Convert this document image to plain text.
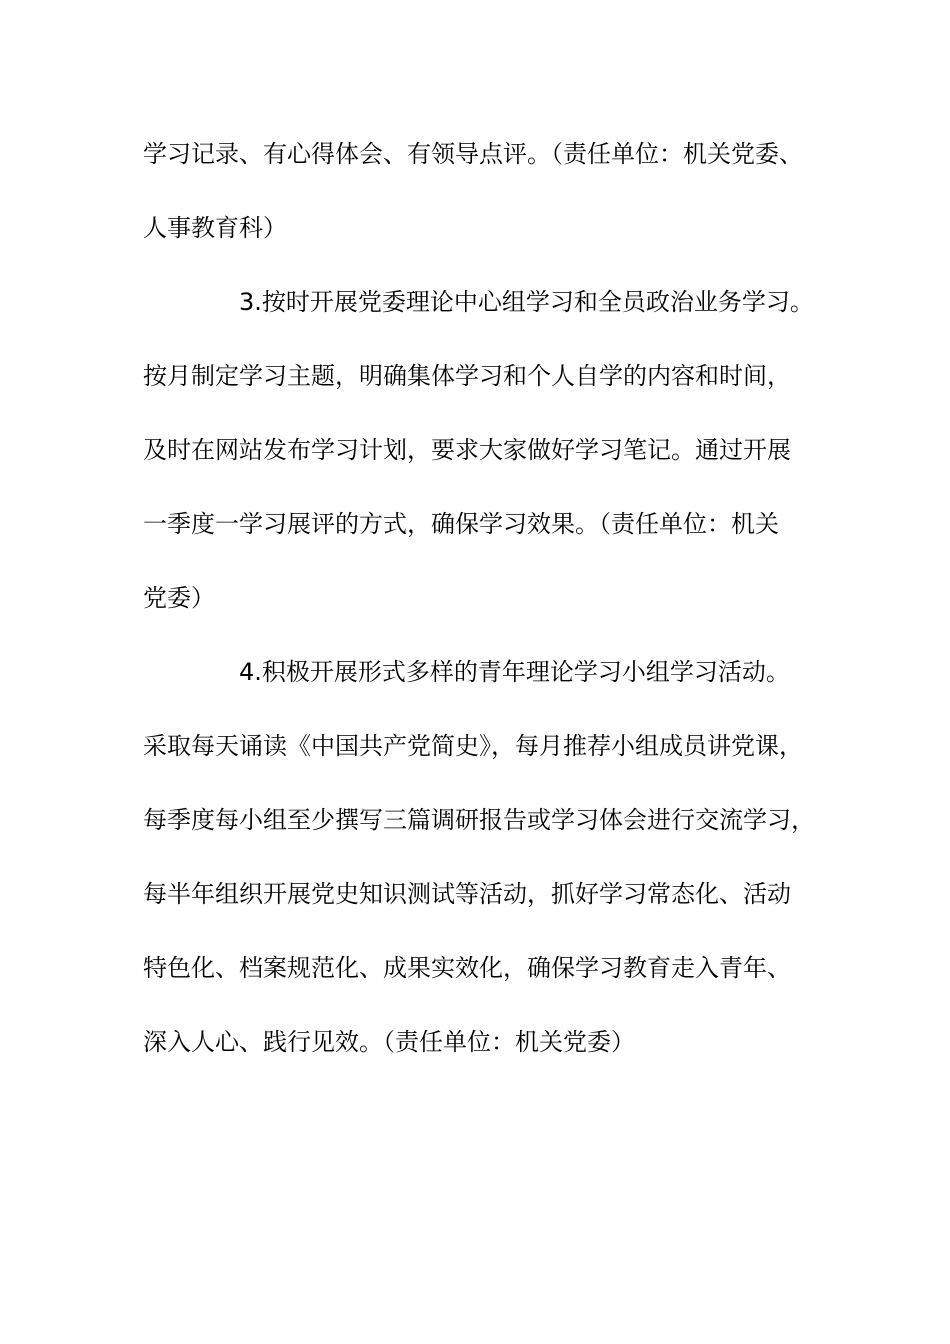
学习记录、有心得体会、有领导点评。（责任单位：机关党委、
人事教育科）
3.按时开展党委理论中心组学习和全员政治业务学习。
按月制定学习主题，明确集体学习和个人自学的内容和时间，
及时在网站发布学习计划，要求大家做好学习笔记。通过开展
一季度一学习展评的方式，确保学习效果。（责任单位：机关
党委）
4.积极开展形式多样的青年理论学习小组学习活动。
采取每天诵读《中国共产党简史》，每月推荐小组成员讲党课，
每季度每小组至少撰写三篇调研报告或学习体会进行交流学习，
每半年组织开展党史知识测试等活动，抓好学习常态化、活动
特色化、档案规范化、成果实效化，确保学习教育走入青年、
深入人心、践行见效。（责任单位：机关党委）
